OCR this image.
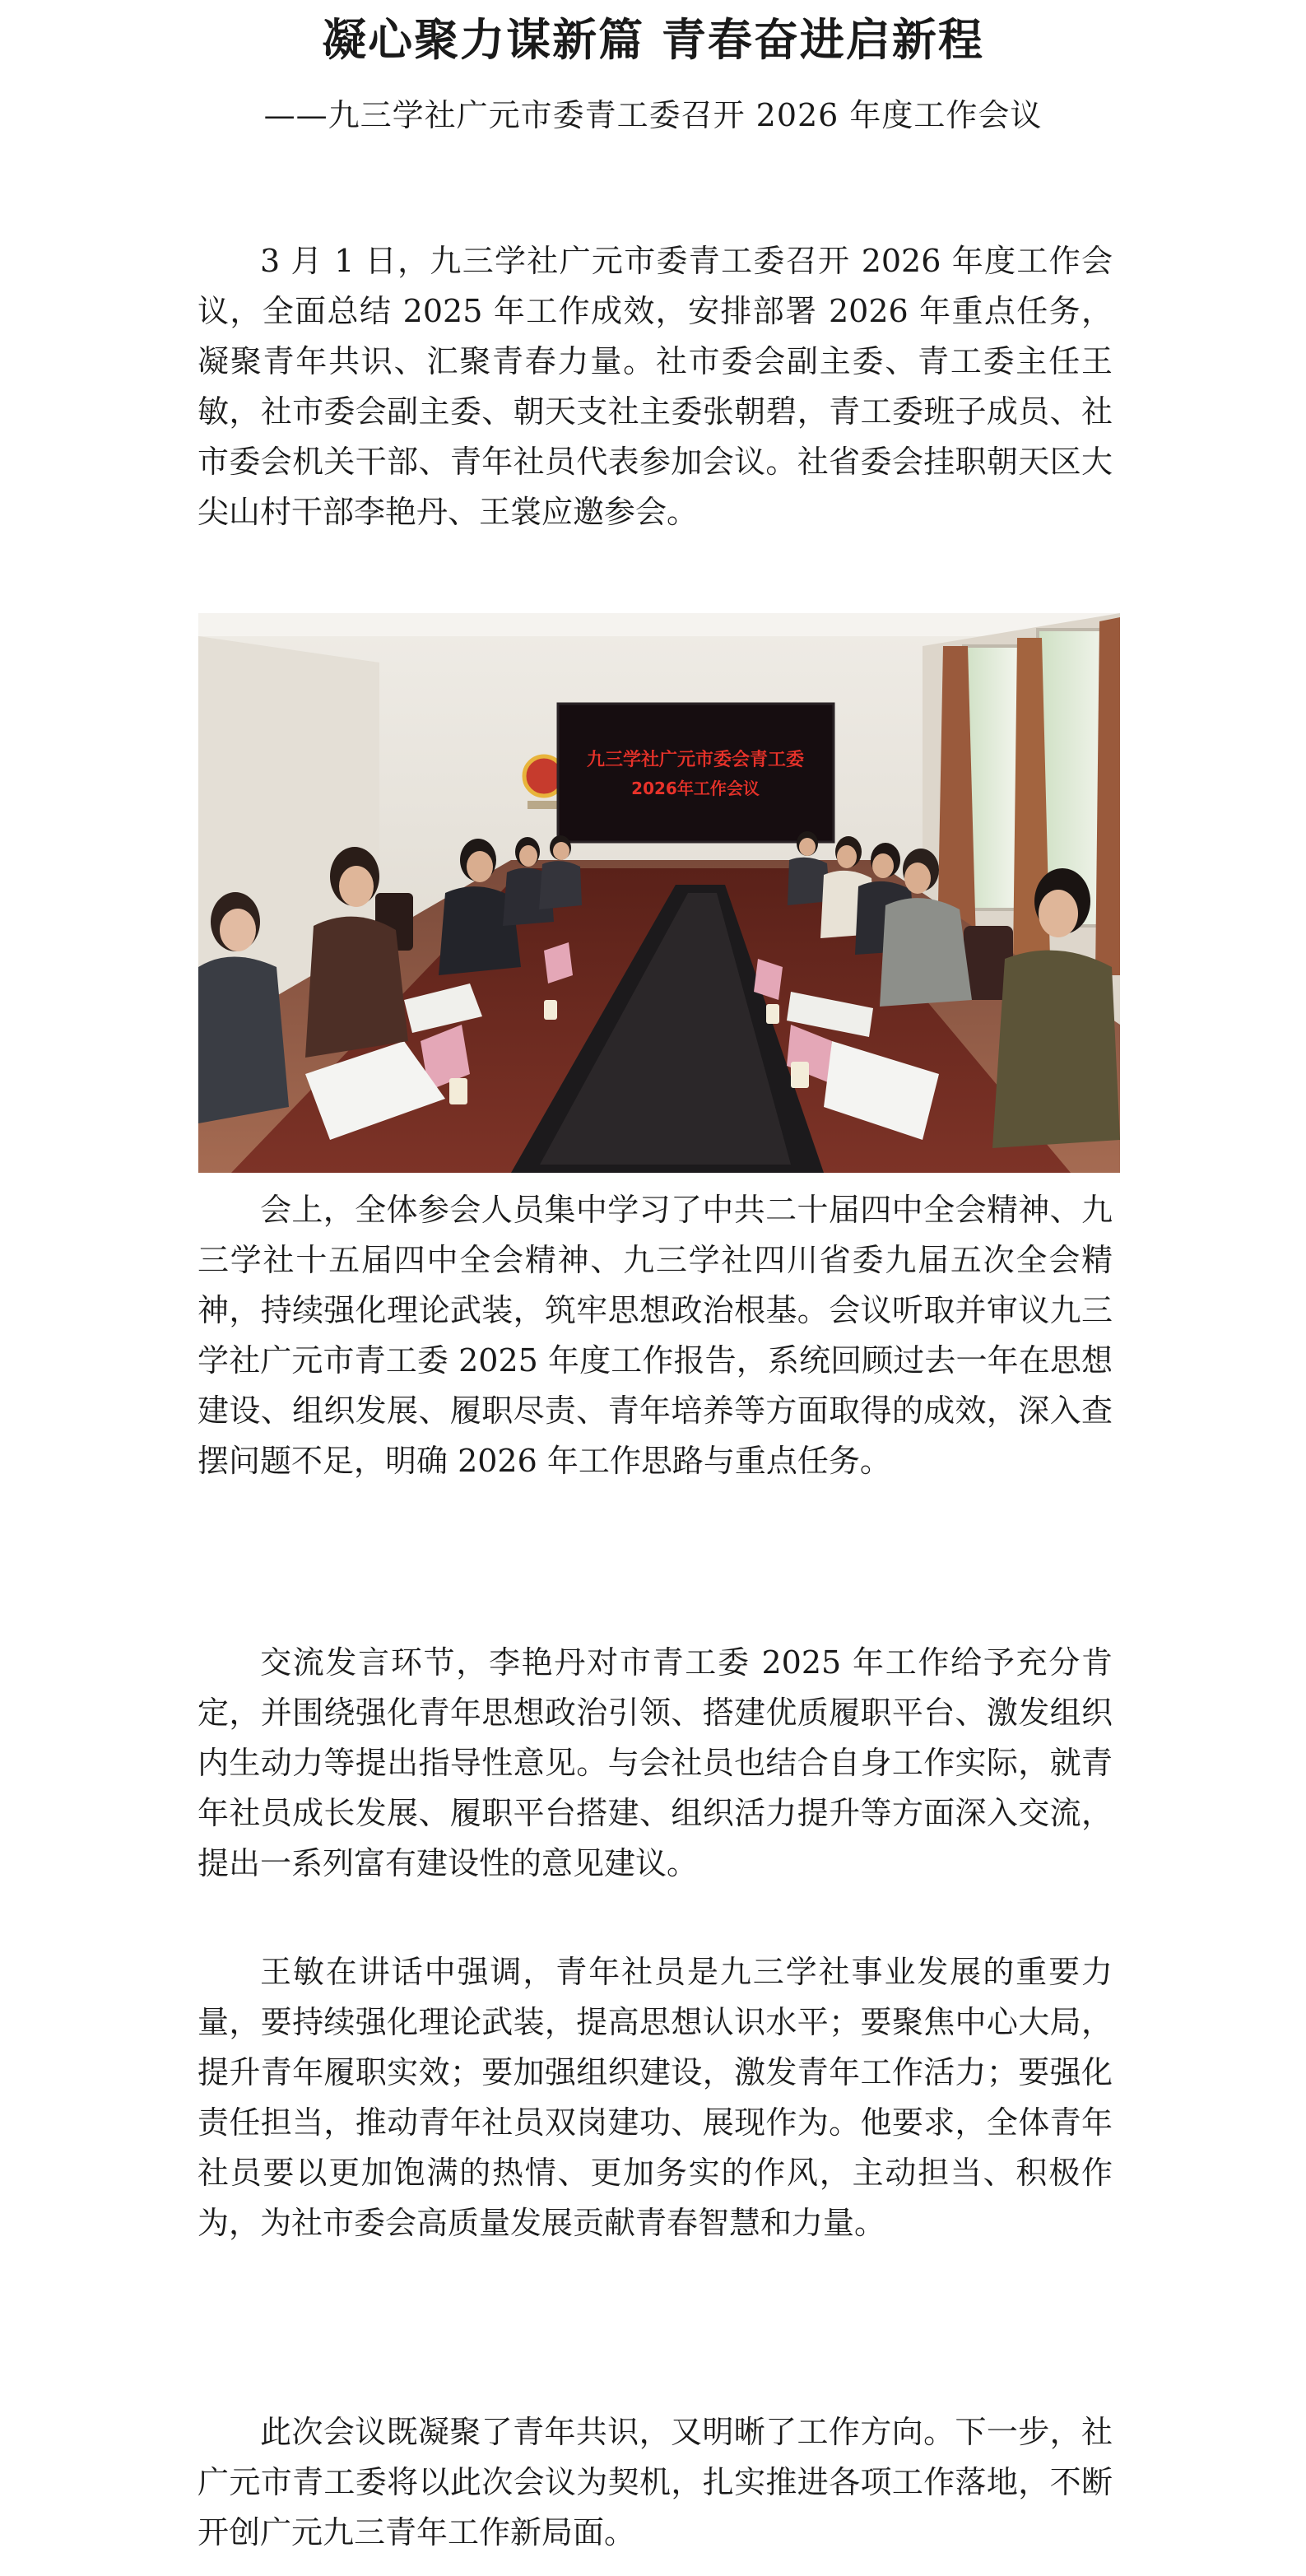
凝心聚力谋新篇 青春奋进启新程
——九三学社广元市委青工委召开 2026 年度工作会议

3 月 1 日，九三学社广元市委青工委召开 2026 年度工作会议，全面总结 2025 年工作成效，安排部署 2026 年重点任务，凝聚青年共识、汇聚青春力量。社市委会副主委、青工委主任王敏，社市委会副主委、朝天支社主委张朝碧，青工委班子成员、社市委会机关干部、青年社员代表参加会议。社省委会挂职朝天区大尖山村干部李艳丹、王裳应邀参会。

九三学社广元市委会青工委
2026年工作会议

会上，全体参会人员集中学习了中共二十届四中全会精神、九三学社十五届四中全会精神、九三学社四川省委九届五次全会精神，持续强化理论武装，筑牢思想政治根基。会议听取并审议九三学社广元市青工委 2025 年度工作报告，系统回顾过去一年在思想建设、组织发展、履职尽责、青年培养等方面取得的成效，深入查摆问题不足，明确 2026 年工作思路与重点任务。

交流发言环节，李艳丹对市青工委 2025 年工作给予充分肯定，并围绕强化青年思想政治引领、搭建优质履职平台、激发组织内生动力等提出指导性意见。与会社员也结合自身工作实际，就青年社员成长发展、履职平台搭建、组织活力提升等方面深入交流，提出一系列富有建设性的意见建议。

王敏在讲话中强调，青年社员是九三学社事业发展的重要力量，要持续强化理论武装，提高思想认识水平；要聚焦中心大局，提升青年履职实效；要加强组织建设，激发青年工作活力；要强化责任担当，推动青年社员双岗建功、展现作为。他要求，全体青年社员要以更加饱满的热情、更加务实的作风，主动担当、积极作为，为社市委会高质量发展贡献青春智慧和力量。

此次会议既凝聚了青年共识，又明晰了工作方向。下一步，社广元市青工委将以此次会议为契机，扎实推进各项工作落地，不断开创广元九三青年工作新局面。
